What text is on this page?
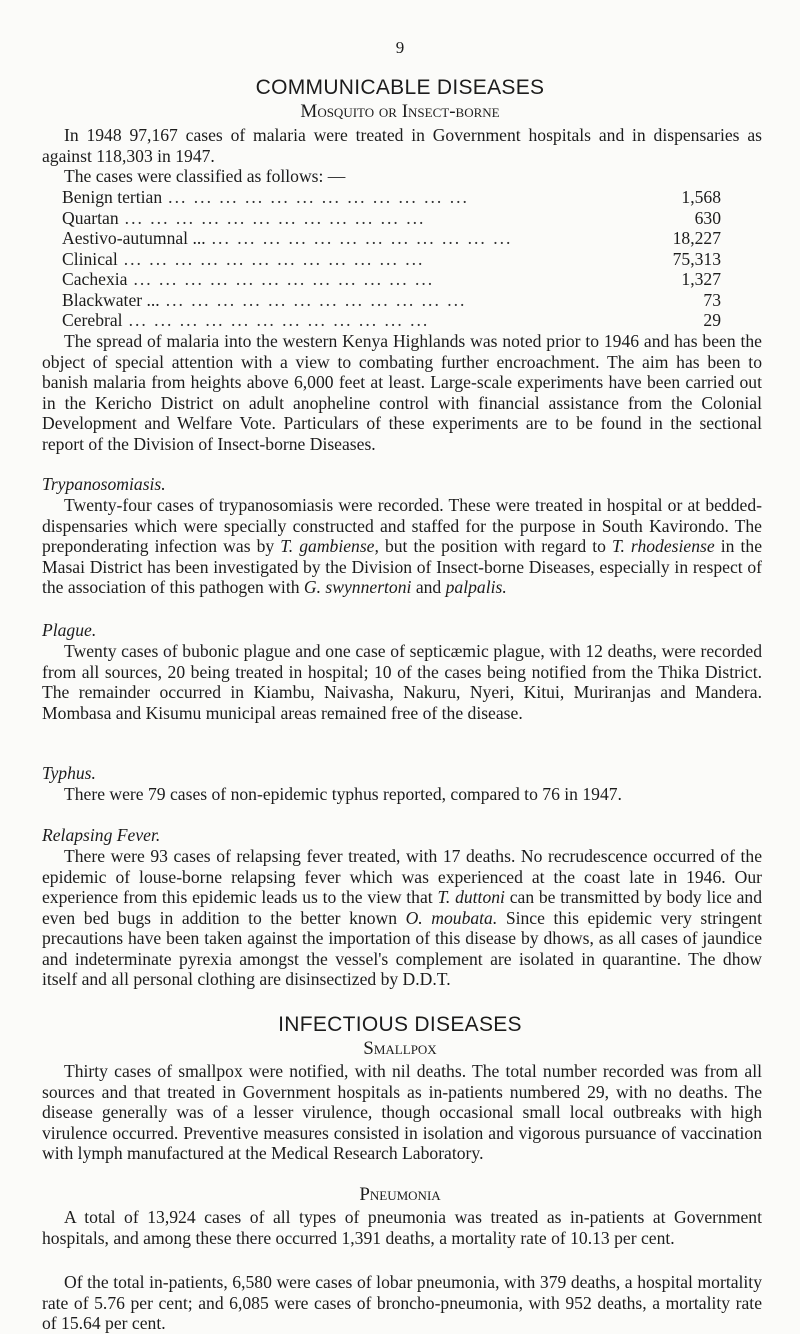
9
COMMUNICABLE DISEASES
Mosquito or Insect-borne
In 1948 97,167 cases of malaria were treated in Government hospitals and in dispensaries as against 118,303 in 1947.
The cases were classified as follows: —
Benign tertian ... ... ... ... ... ... ... ... ... ... ... ...	1,568
Quartan ... ... ... ... ... ... ... ... ... ... ... ...	630
Aestivo-autumnal ... ... ... ... ... ... ... ... ... ... ... ... ...	18,227
Clinical ... ... ... ... ... ... ... ... ... ... ... ...	75,313
Cachexia ... ... ... ... ... ... ... ... ... ... ... ...	1,327
Blackwater ... ... ... ... ... ... ... ... ... ... ... ... ...	73
Cerebral ... ... ... ... ... ... ... ... ... ... ... ...	29
The spread of malaria into the western Kenya Highlands was noted prior to 1946 and has been the object of special attention with a view to combating further encroachment. The aim has been to banish malaria from heights above 6,000 feet at least. Large-scale experiments have been carried out in the Kericho District on adult anopheline control with financial assistance from the Colonial Development and Welfare Vote. Particulars of these experiments are to be found in the sectional report of the Division of Insect-borne Diseases.
Trypanosomiasis.
Twenty-four cases of trypanosomiasis were recorded. These were treated in hospital or at bedded-dispensaries which were specially constructed and staffed for the purpose in South Kavirondo. The preponderating infection was by T. gambiense, but the position with regard to T. rhodesiense in the Masai District has been investigated by the Division of Insect-borne Diseases, especially in respect of the association of this pathogen with G. swynnertoni and palpalis.
Plague.
Twenty cases of bubonic plague and one case of septicæmic plague, with 12 deaths, were recorded from all sources, 20 being treated in hospital; 10 of the cases being notified from the Thika District. The remainder occurred in Kiambu, Naivasha, Nakuru, Nyeri, Kitui, Muriranjas and Mandera. Mombasa and Kisumu municipal areas remained free of the disease.
Typhus.
There were 79 cases of non-epidemic typhus reported, compared to 76 in 1947.
Relapsing Fever.
There were 93 cases of relapsing fever treated, with 17 deaths. No recrudescence occurred of the epidemic of louse-borne relapsing fever which was experienced at the coast late in 1946. Our experience from this epidemic leads us to the view that T. duttoni can be transmitted by body lice and even bed bugs in addition to the better known O. moubata. Since this epidemic very stringent precautions have been taken against the importation of this disease by dhows, as all cases of jaundice and indeterminate pyrexia amongst the vessel's complement are isolated in quarantine. The dhow itself and all personal clothing are disinsectized by D.D.T.
INFECTIOUS DISEASES
Smallpox
Thirty cases of smallpox were notified, with nil deaths. The total number recorded was from all sources and that treated in Government hospitals as in-patients numbered 29, with no deaths. The disease generally was of a lesser virulence, though occasional small local outbreaks with high virulence occurred. Preventive measures consisted in isolation and vigorous pursuance of vaccination with lymph manufactured at the Medical Research Laboratory.
Pneumonia
A total of 13,924 cases of all types of pneumonia was treated as in-patients at Government hospitals, and among these there occurred 1,391 deaths, a mortality rate of 10.13 per cent.
Of the total in-patients, 6,580 were cases of lobar pneumonia, with 379 deaths, a hospital mortality rate of 5.76 per cent; and 6,085 were cases of broncho-pneumonia, with 952 deaths, a mortality rate of 15.64 per cent.
